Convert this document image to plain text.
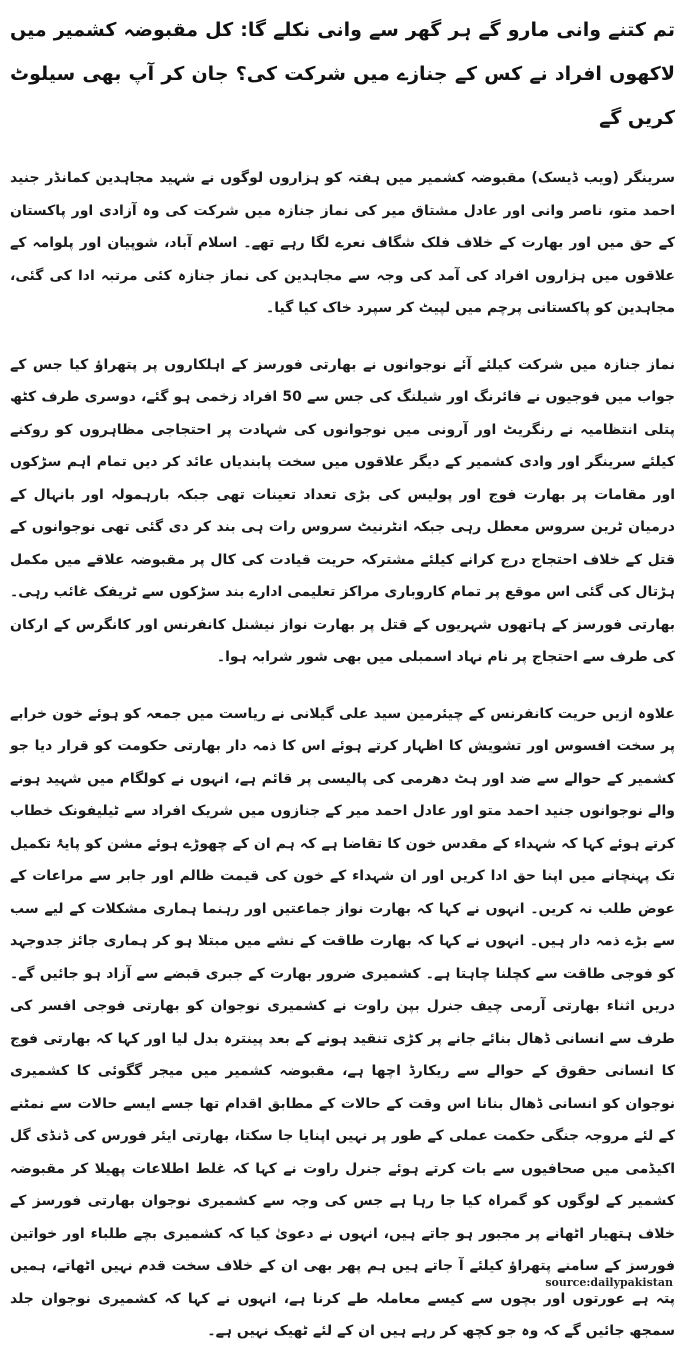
تم کتنے وانی مارو گے ہر گھر سے وانی نکلے گا: کل مقبوضہ کشمیر میں لاکھوں افراد نے کس کے جنازے میں شرکت کی؟ جان کر آپ بھی سیلوٹ کریں گے

سرینگر (ویب ڈیسک) مقبوضہ کشمیر میں ہفتہ کو ہزاروں لوگوں نے شہید مجاہدین کمانڈر جنید احمد متو، ناصر وانی اور عادل مشتاق میر کی نماز جنازہ میں شرکت کی وہ آزادی اور پاکستان کے حق میں اور بھارت کے خلاف فلک شگاف نعرے لگا رہے تھے۔ اسلام آباد، شوپیان اور پلوامہ کے علاقوں میں ہزاروں افراد کی آمد کی وجہ سے مجاہدین کی نماز جنازہ کئی مرتبہ ادا کی گئی، مجاہدین کو پاکستانی پرچم میں لپیٹ کر سپرد خاک کیا گیا۔

نماز جنازہ میں شرکت کیلئے آئے نوجوانوں نے بھارتی فورسز کے اہلکاروں پر پتھراؤ کیا جس کے جواب میں فوجیوں نے فائرنگ اور شیلنگ کی جس سے 50 افراد زخمی ہو گئے، دوسری طرف کٹھ پتلی انتظامیہ نے رنگریٹ اور آرونی میں نوجوانوں کی شہادت پر احتجاجی مظاہروں کو روکنے کیلئے سرینگر اور وادی کشمیر کے دیگر علاقوں میں سخت پابندیاں عائد کر دیں تمام اہم سڑکوں اور مقامات پر بھارت فوج اور پولیس کی بڑی تعداد تعینات تھی جبکہ بارہمولہ اور بانہال کے درمیان ٹرین سروس معطل رہی جبکہ انٹرنیٹ سروس رات ہی بند کر دی گئی تھی نوجوانوں کے قتل کے خلاف احتجاج درج کرانے کیلئے مشترکہ حریت قیادت کی کال پر مقبوضہ علاقے میں مکمل ہڑتال کی گئی اس موقع پر تمام کاروباری مراکز تعلیمی ادارے بند سڑکوں سے ٹریفک غائب رہی۔ بھارتی فورسز کے ہاتھوں شہریوں کے قتل پر بھارت نواز نیشنل کانفرنس اور کانگرس کے ارکان کی طرف سے احتجاج پر نام نہاد اسمبلی میں بھی شور شرابہ ہوا۔

علاوہ ازیں حریت کانفرنس کے چیئرمین سید علی گیلانی نے ریاست میں جمعہ کو ہوئے خون خرابے پر سخت افسوس اور تشویش کا اظہار کرتے ہوئے اس کا ذمہ دار بھارتی حکومت کو قرار دیا جو کشمیر کے حوالے سے ضد اور ہٹ دھرمی کی پالیسی پر قائم ہے، انہوں نے کولگام میں شہید ہونے والے نوجوانوں جنید احمد متو اور عادل احمد میر کے جنازوں میں شریک افراد سے ٹیلیفونک خطاب کرتے ہوئے کہا کہ شہداء کے مقدس خون کا تقاضا ہے کہ ہم ان کے چھوڑے ہوئے مشن کو پایۂ تکمیل تک پہنچانے میں اپنا حق ادا کریں اور ان شہداء کے خون کی قیمت ظالم اور جابر سے مراعات کے عوض طلب نہ کریں۔ انہوں نے کہا کہ بھارت نواز جماعتیں اور رہنما ہماری مشکلات کے لیے سب سے بڑے ذمہ دار ہیں۔ انہوں نے کہا کہ بھارت طاقت کے نشے میں مبتلا ہو کر ہماری جائز جدوجہد کو فوجی طاقت سے کچلنا چاہتا ہے۔ کشمیری ضرور بھارت کے جبری قبضے سے آزاد ہو جائیں گے۔ دریں اثناء بھارتی آرمی چیف جنرل بپن راوت نے کشمیری نوجوان کو بھارتی فوجی افسر کی طرف سے انسانی ڈھال بنائے جانے پر کڑی تنقید ہونے کے بعد پینترہ بدل لیا اور کہا کہ بھارتی فوج کا انسانی حقوق کے حوالے سے ریکارڈ اچھا ہے، مقبوضہ کشمیر میں میجر گگوئی کا کشمیری نوجوان کو انسانی ڈھال بنانا اس وقت کے حالات کے مطابق اقدام تھا جسے ایسے حالات سے نمٹنے کے لئے مروجہ جنگی حکمت عملی کے طور پر نہیں اپنایا جا سکتا، بھارتی ایئر فورس کی ڈنڈی گل اکیڈمی میں صحافیوں سے بات کرتے ہوئے جنرل راوت نے کہا کہ غلط اطلاعات پھیلا کر مقبوضہ کشمیر کے لوگوں کو گمراہ کیا جا رہا ہے جس کی وجہ سے کشمیری نوجوان بھارتی فورسز کے خلاف ہتھیار اٹھانے پر مجبور ہو جاتے ہیں، انہوں نے دعویٰ کیا کہ کشمیری بچے طلباء اور خواتین فورسز کے سامنے پتھراؤ کیلئے آ جاتے ہیں ہم پھر بھی ان کے خلاف سخت قدم نہیں اٹھاتے، ہمیں پتہ ہے عورتوں اور بچوں سے کیسے معاملہ طے کرنا ہے، انہوں نے کہا کہ کشمیری نوجوان جلد سمجھ جائیں گے کہ وہ جو کچھ کر رہے ہیں ان کے لئے ٹھیک نہیں ہے۔

source:dailypakistan
